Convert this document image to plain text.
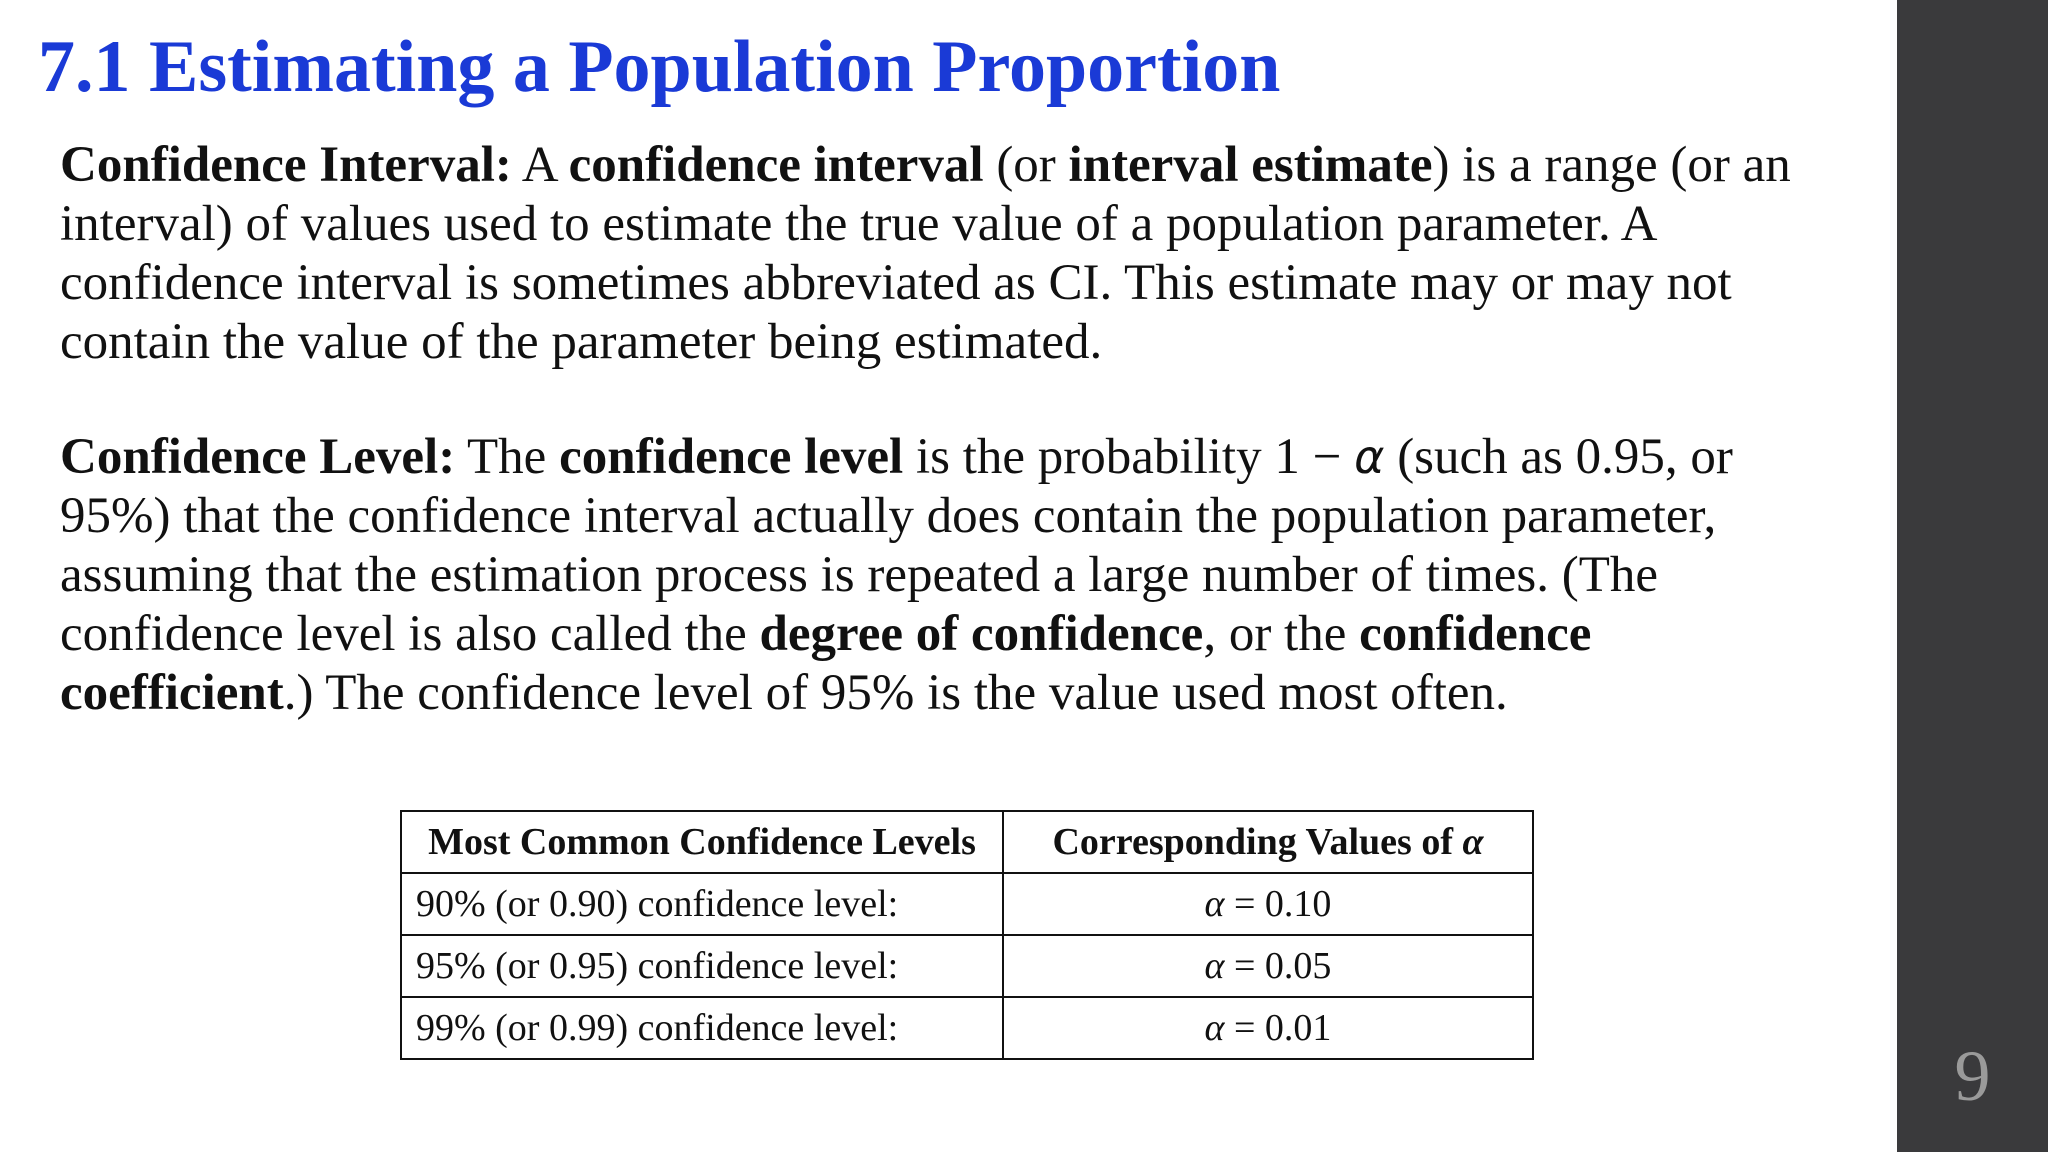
7.1 Estimating a Population Proportion

Confidence Interval: A confidence interval (or interval estimate) is a range (or an interval) of values used to estimate the true value of a population parameter. A confidence interval is sometimes abbreviated as CI. This estimate may or may not contain the value of the parameter being estimated.

Confidence Level: The confidence level is the probability 1 − α (such as 0.95, or 95%) that the confidence interval actually does contain the population parameter, assuming that the estimation process is repeated a large number of times. (The confidence level is also called the degree of confidence, or the confidence coefficient.) The confidence level of 95% is the value used most often.

Most Common Confidence Levels	Corresponding Values of α
90% (or 0.90) confidence level:	α = 0.10
95% (or 0.95) confidence level:	α = 0.05
99% (or 0.99) confidence level:	α = 0.01
9
